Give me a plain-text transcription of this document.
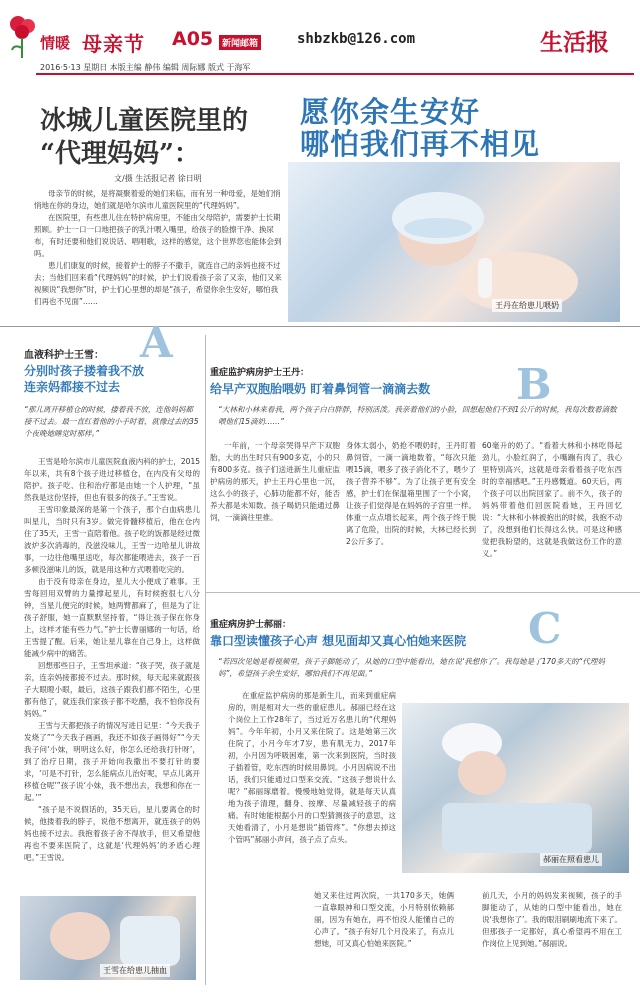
情暖 母亲节 A05 新闻邮箱	shbzkb@126.com	生活报
2016·5·13 星期日 本版主编 静伟 编辑 周际娜 版式 于海军
冰城儿童医院里的
“代理妈妈”：
愿你余生安好
哪怕我们再不相见
文/摄 生活报记者 徐日明

母亲节的时候，是将凝聚着爱的她们来临，而有另一种母爱，是她们悄悄地在你的身边，她们就是哈尔滨市儿童医院里的“代理妈妈”。

在医院里，有些患儿住在特护病房里，不能由父母陪护，需要护士长期照顾。护士一口一口地把孩子的乳汁喂入嘴里，给孩子的脸擦干净、换尿布，有时还要和他们说说话、唱唱歌，这样的感觉，这个世界您也能体会到吗。

患儿们康复的时候，接着护士的脖子不撒手，就连自己的亲妈也接不过去；当他们回来看“代理妈妈”的时候，护士们说看孩子亲了又亲，他们又来视频说“我想你”时，护士们心里想的却是“孩子，希望你余生安好，哪怕我们再也不见面”……	王丹在给患儿喂奶
A
血液科护士王雪：
分别时孩子搂着我不放
连亲妈都接不过去
“那儿离开移植仓的时候，搂着我不放，连他妈妈都接不过去。最一直红着他的小手时着，就像过去的35个夜晚她睡觉时那样。”

王雪是哈尔滨市儿童医院血液内科的护士，2015年以来，共有8个孩子进过移植仓，在内没有父母的陪护。孩子吃、住和治疗都是由她一个人护理，“虽然我是这份坚持，但也有很多的孩子。”王雪说。

王雪印象最深的是第一个孩子，那个白血病患儿叫星儿，当时只有3岁。做完骨髓移植后，他在仓内住了35天，王雪一直陪着他。孩子吃的饭都是经过微波炉多次消毒的，没滋没味儿，王雪一边哈星儿讲故事，一边往他嘴里送吃，每次都能喂进去，孩子一百多顿没滋味儿的饭，就是用这种方式喂着吃完的。

由于没有母亲在身边，星儿大小便成了难事。王雪每回用双臂的力量撑起星儿，有时候抱很七八分钟，当星儿便完的时候，她两臂都麻了，但是为了让孩子舒服，她一直默默坚持着，“得让孩子保在你身上，这样才能有些力气。”护士长曹丽娜的一句话，给王雪提了醒。后来，她让星儿靠在自己身上，这样做能减少病中的痛苦。

回想那些日子，王雪坦承道：“孩子哭，孩子就是亲，连亲妈接都接不过去。那时候，每天起来就跟孩子大眼瞪小眼，最后，这孩子跟我们都不陌生，心里都有他了，就连我们家孩子都不吃醋，我不怕你没有妈妈。”

王雪与天都把孩子的情况写进日记里：“今天我子发烧了”“今天我子画画，我还不如孩子画得好”“今天我子问‘小妹，明明这么好，你怎么还给我打针呀’，到了治疗日期，孩子开始向我撒出不要打针的要求，‘可是不打针，怎么能病点儿治好呢，早点儿离开移植仓呢’”孩子说‘小妹，我不想出去，我想和你在一起。’”

“孩子是不说假话的，35天后，星儿要离仓的时候，他搂着我的脖子，说他不想离开，就连孩子的妈妈也接不过去。我抱着孩子舍不得放手，但又希望他再也不要来医院了，这就是‘代理妈妈’的矛盾心理吧。”王雪说。

王雪在给患儿抽血
B
重症监护病房护士王丹：
给早产双胞胎喂奶 盯着鼻饲管一滴滴去数
“大林和小林来看我，两个孩子白白胖胖，特别活泼。我亲着他们的小脸，回想起他们不到1公斤的时候，我每次数着滴数喂他们15滴奶……”
一年前，一个母亲哭得早产下双胞胎，大的出生时只有900多克，小的只有800多克。孩子们送进新生儿重症监护病房的那天，护士王丹心里也一沉，这么小的孩子，心肺功能都不好，能否养大都是未知数。孩子喝奶只能通过鼻饲，一滴滴往里推。
身体太弱小，奶抢不喂奶时，王丹盯着鼻饲管，一滴一滴地数着，“每次只能喂15滴，喂多了孩子消化不了，喂少了孩子营养不够”。为了让孩子更有安全感，护士们在保温箱里围了一个小窝，让孩子们觉得是在妈妈的子宫里一样。体重一点点增长起来，两个孩子终于脱离了危险，出院的时候，大林已经长到2公斤多了。
60毫升的奶了。“看着大林和小林吃得起劲儿，小脸红润了，小嘴蹦有肉了，我心里特别高兴，这就是母亲看着孩子吃东西时的幸福感吧。”王丹感慨道。60天后，两个孩子可以出院回家了。前不久，孩子的妈妈带着他们回医院看她，王丹回忆说：“大林和小林被抱出的时候，我抱不动了，没想到他们长得这么快。可是这种感觉把我盼望的，这就是我做这份工作的意义。”
C
重症病房护士郝丽：
靠口型读懂孩子心声 想见面却又真心怕她来医院
“若四次见她是看视频里，孩子子脚能动了，从她的口型中能看出，她在说‘我想你了’。我每她是了170多天的“代理妈妈”，希望孩子余生安好，哪怕我们不再见面。”
在重症监护病房的那是新生儿，而来到重症病房的，则是相对大一些的重症患儿。郝丽已经在这个岗位上工作28年了，当过近万名患儿的“代理妈妈”。今年年初，小月又来住院了。这是她第三次住院了，小月今年才7岁，患有肌无力，2017年初，小月因为呼吸困难，第一次来到医院，当时孩子插着管，吃东西的时候用鼻饲。小月因病说不出话，我们只能通过口型来交流。“这孩子想说什么呢？”郝丽琢磨着。慢慢地她觉得，就是每天认真地为孩子清理，翻身、按摩、尽量减轻孩子的病痛。有时她能根据小月的口型猜测孩子的意思，这天她看清了，小月是想说“插管疼”。“你想去掉这个管吗”郝丽小声问，孩子点了点头。
郝丽在照看患儿
她又来住过两次院，一共170多天，她俩一直靠眼神和口型交流，小月特别依赖郝丽，因为有她在，再不怕没人能懂自己的心声了。“孩子有好几个月没来了，有点儿想她，可又真心怕她来医院。”
前几天，小月的妈妈发来视频，孩子的手脚能动了，从她的口型中能看出，她在说‘我想你了’。我的眼泪刷刷地流下来了。但那孩子一定都好，真心希望再不用在工作岗位上见到她。”郝丽说。
